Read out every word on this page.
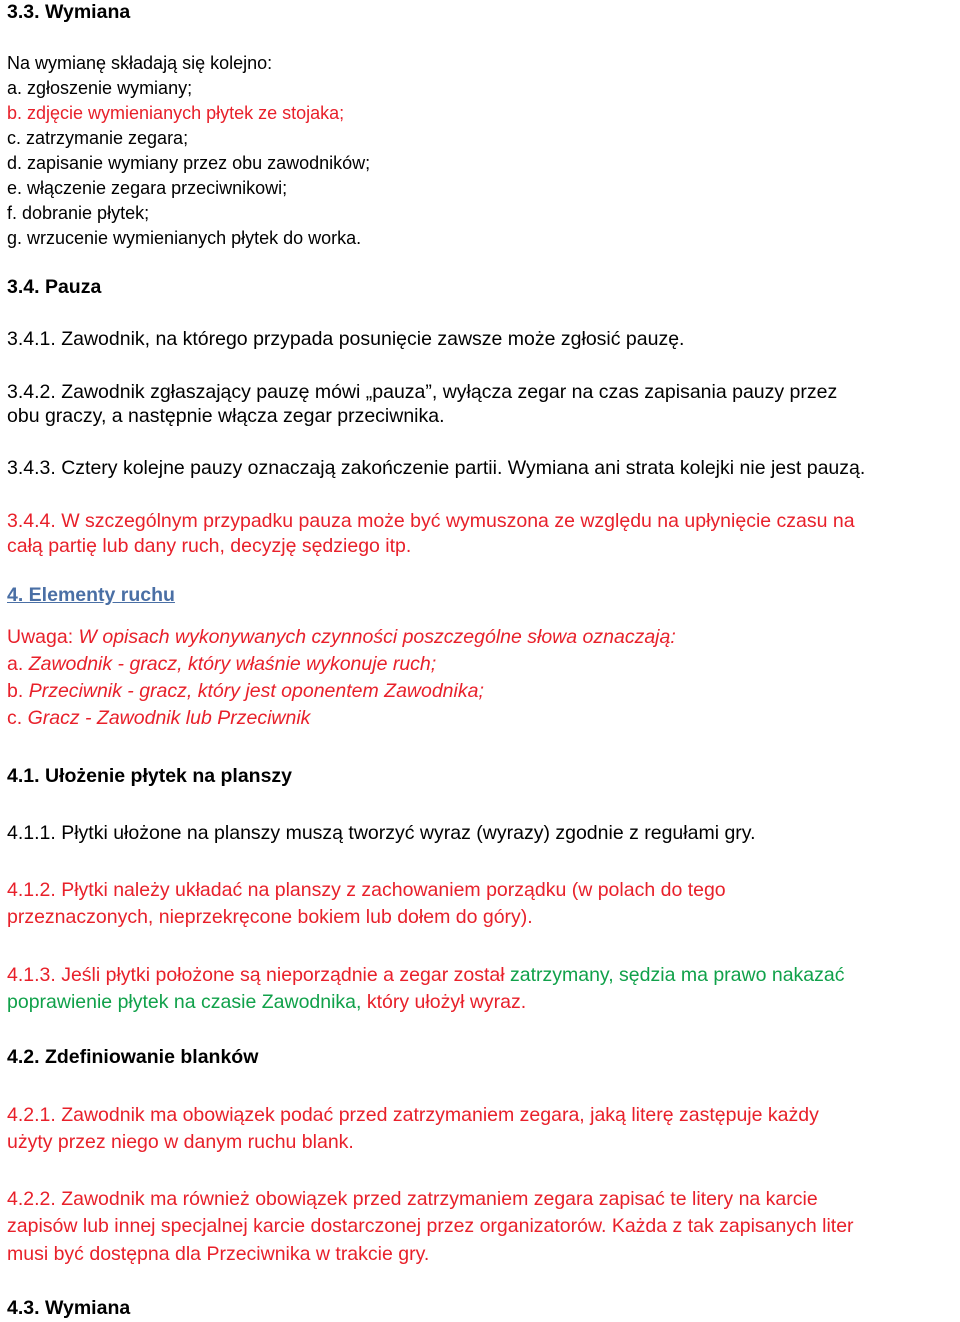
3.3. Wymiana
Na wymianę składają się kolejno:
a. zgłoszenie wymiany;
b. zdjęcie wymienianych płytek ze stojaka;
c. zatrzymanie zegara;
d. zapisanie wymiany przez obu zawodników;
e. włączenie zegara przeciwnikowi;
f. dobranie płytek;
g. wrzucenie wymienianych płytek do worka.
3.4. Pauza
3.4.1. Zawodnik, na którego przypada posunięcie zawsze może zgłosić pauzę.
3.4.2. Zawodnik zgłaszający pauzę mówi „pauza”, wyłącza zegar na czas zapisania pauzy przez
obu graczy, a następnie włącza zegar przeciwnika.
3.4.3. Cztery kolejne pauzy oznaczają zakończenie partii. Wymiana ani strata kolejki nie jest pauzą.
3.4.4. W szczególnym przypadku pauza może być wymuszona ze względu na upłynięcie czasu na
całą partię lub dany ruch, decyzję sędziego itp.
4. Elementy ruchu
Uwaga: W opisach wykonywanych czynności poszczególne słowa oznaczają:
a. Zawodnik - gracz, który właśnie wykonuje ruch;
b. Przeciwnik - gracz, który jest oponentem Zawodnika;
c. Gracz - Zawodnik lub Przeciwnik
4.1. Ułożenie płytek na planszy
4.1.1. Płytki ułożone na planszy muszą tworzyć wyraz (wyrazy) zgodnie z regułami gry.
4.1.2. Płytki należy układać na planszy z zachowaniem porządku (w polach do tego
przeznaczonych, nieprzekręcone bokiem lub dołem do góry).
4.1.3. Jeśli płytki położone są nieporządnie a zegar został zatrzymany, sędzia ma prawo nakazać
poprawienie płytek na czasie Zawodnika, który ułożył wyraz.
4.2. Zdefiniowanie blanków
4.2.1. Zawodnik ma obowiązek podać przed zatrzymaniem zegara, jaką literę zastępuje każdy
użyty przez niego w danym ruchu blank.
4.2.2. Zawodnik ma również obowiązek przed zatrzymaniem zegara zapisać te litery na karcie
zapisów lub innej specjalnej karcie dostarczonej przez organizatorów. Każda z tak zapisanych liter
musi być dostępna dla Przeciwnika w trakcie gry.
4.3. Wymiana
